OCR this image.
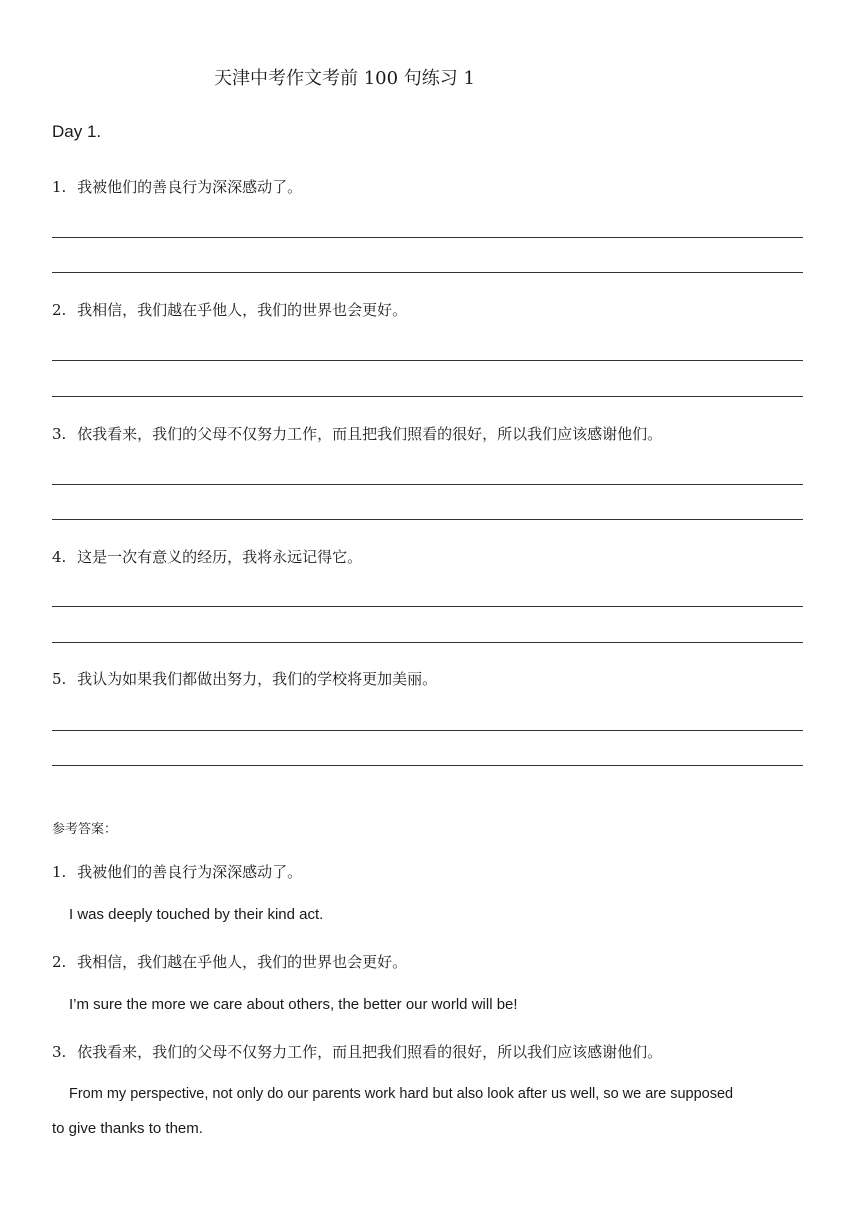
天津中考作文考前 100 句练习 1
Day 1.
1. 我被他们的善良行为深深感动了。
2. 我相信，我们越在乎他人，我们的世界也会更好。
3. 依我看来，我们的父母不仅努力工作，而且把我们照看的很好，所以我们应该感谢他们。
4. 这是一次有意义的经历，我将永远记得它。
5. 我认为如果我们都做出努力，我们的学校将更加美丽。
参考答案：
1. 我被他们的善良行为深深感动了。
I was deeply touched by their kind act.
2. 我相信，我们越在乎他人，我们的世界也会更好。
I’m sure the more we care about others, the better our world will be!
3. 依我看来，我们的父母不仅努力工作，而且把我们照看的很好，所以我们应该感谢他们。
From my perspective, not only do our parents work hard but also look after us well, so we are supposed
to give thanks to them.
